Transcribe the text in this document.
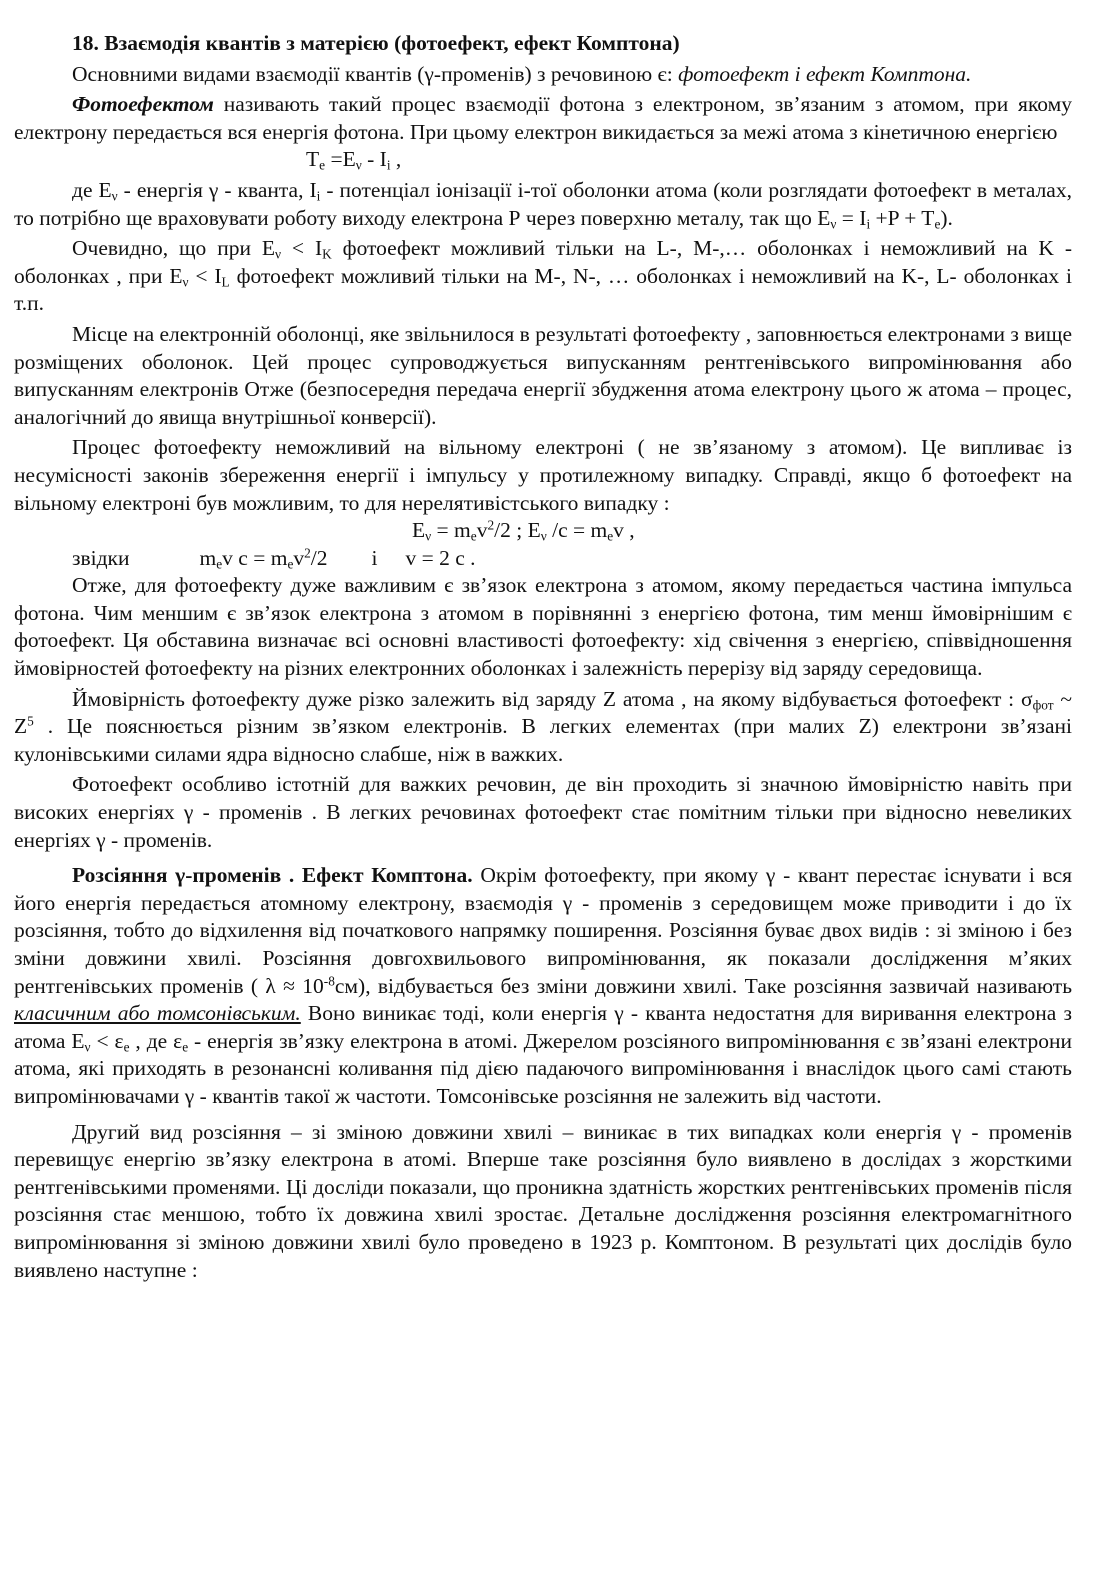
18. Взаємодія квантів з матерією (фотоефект, ефект Комптона)

Основними видами взаємодії квантів (γ-променів) з речовиною є: фотоефект і ефект Комптона.

Фотоефектом називають такий процес взаємодії фотона з електроном, зв’язаним з атомом, при якому електрону передається вся енергія фотона. При цьому електрон викидається за межі атома з кінетичною енергією

$T_e =E_\nu - I_i$ ,

де $E_\nu$ - енергія γ - кванта, $I_i$ - потенціал іонізації i-тої оболонки атома (коли розглядати фотоефект в металах, то потрібно ще враховувати роботу виходу електрона Р через поверхню металу, так що $E_\nu = I_i +P + T_e$).

Очевидно, що при $E_\nu < I_K$ фотоефект можливий тільки на L-, M-,… оболонках і неможливий на K - оболонках , при $E_\nu < I_L$ фотоефект можливий тільки на M-, N-, … оболонках і неможливий на K-, L- оболонках і т.п.

Місце на електронній оболонці, яке звільнилося в результаті фотоефекту , заповнюється електронами з вище розміщених оболонок. Цей процес супроводжується випусканням рентгенівського випромінювання або випусканням електронів Отже (безпосередня передача енергії збудження атома електрону цього ж атома – процес, аналогічний до явища внутрішньої конверсії).

Процес фотоефекту неможливий на вільному електроні ( не зв’язаному з атомом). Це випливає із несумісності законів збереження енергії і імпульсу у протилежному випадку. Справді, якщо б фотоефект на вільному електроні був можливим, то для нерелятивістського випадку :

$E_\nu = m_ev^2/2$ ; $E_\nu$ $/c = m_ev$ ,

звідки	$m_ev$ $c = m_ev^2/2$ і v = 2 c .

Отже, для фотоефекту дуже важливим є зв’язок електрона з атомом, якому передається частина імпульса фотона. Чим меншим є зв’язок електрона з атомом в порівнянні з енергією фотона, тим менш ймовірнішим є фотоефект. Ця обставина визначає всі основні властивості фотоефекту: хід свічення з енергією, співвідношення ймовірностей фотоефекту на різних електронних оболонках і залежність перерізу від заряду середовища.

Ймовірність фотоефекту дуже різко залежить від заряду Z атома , на якому відбувається фотоефект : $\sigma_{фот}$ ~ $Z^5$ . Це пояснюється різним зв’язком електронів. В легких елементах (при малих Z) електрони зв’язані кулонівськими силами ядра відносно слабше, ніж в важких.

Фотоефект особливо істотній для важких речовин, де він проходить зі значною ймовірністю навіть при високих енергіях γ - променів . В легких речовинах фотоефект стає помітним тільки при відносно невеликих енергіях γ - променів.

Розсіяння γ-променів . Ефект Комптона. Окрім фотоефекту, при якому γ - квант перестає існувати і вся його енергія передається атомному електрону, взаємодія γ - променів з середовищем може приводити і до їх розсіяння, тобто до відхилення від початкового напрямку поширення. Розсіяння буває двох видів : зі зміною і без зміни довжини хвилі. Розсіяння довгохвильового випромінювання, як показали дослідження м’яких рентгенівських променів ( $\lambda \approx 10^{-8}см$), відбувається без зміни довжини хвилі. Таке розсіяння зазвичай називають класичним або томсонівським. Воно виникає тоді, коли енергія γ - кванта недостатня для виривання електрона з атома $E_\nu < \varepsilon_e$ , де $\varepsilon_e$ - енергія зв’язку електрона в атомі. Джерелом розсіяного випромінювання є зв’язані електрони атома, які приходять в резонансні коливання під дією падаючого випромінювання і внаслідок цього самі стають випромінювачами γ - квантів такої ж частоти. Томсонівське розсіяння не залежить від частоти.

Другий вид розсіяння – зі зміною довжини хвилі – виникає в тих випадках коли енергія γ - променів перевищує енергію зв’язку електрона в атомі. Вперше таке розсіяння було виявлено в дослідах з жорсткими рентгенівськими променями. Ці досліди показали, що проникна здатність жорстких рентгенівських променів після розсіяння стає меншою, тобто їх довжина хвилі зростає. Детальне дослідження розсіяння електромагнітного випромінювання зі зміною довжини хвилі було проведено в 1923 р. Комптоном. В результаті цих дослідів було виявлено наступне :
